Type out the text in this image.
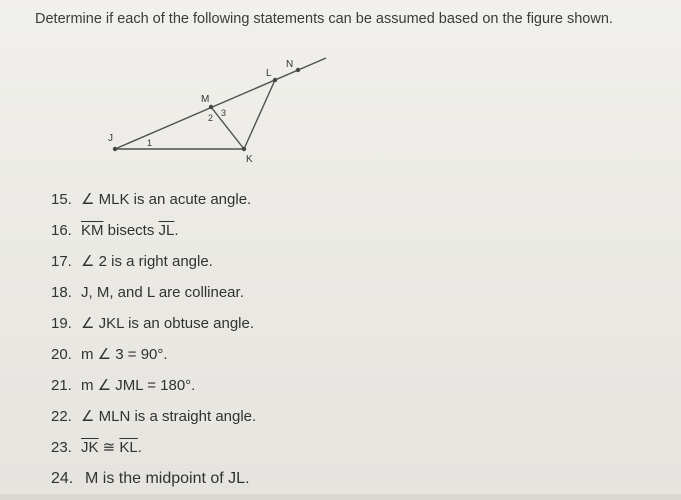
Determine if each of the following statements can be assumed based on the figure shown.
J
M
L
N
K
1
2 3
15. ∠ MLK is an acute angle.
16. $\overline{KM}$ bisects $\overline{JL}$.
17. ∠ 2 is a right angle.
18. J, M, and L are collinear.
19. ∠ JKL is an obtuse angle.
20. m ∠ 3 = 90°.
21. m ∠ JML = 180°.
22. ∠ MLN is a straight angle.
23. $\overline{JK}$ ≅ $\overline{KL}$.
24. M is the midpoint of JL.
